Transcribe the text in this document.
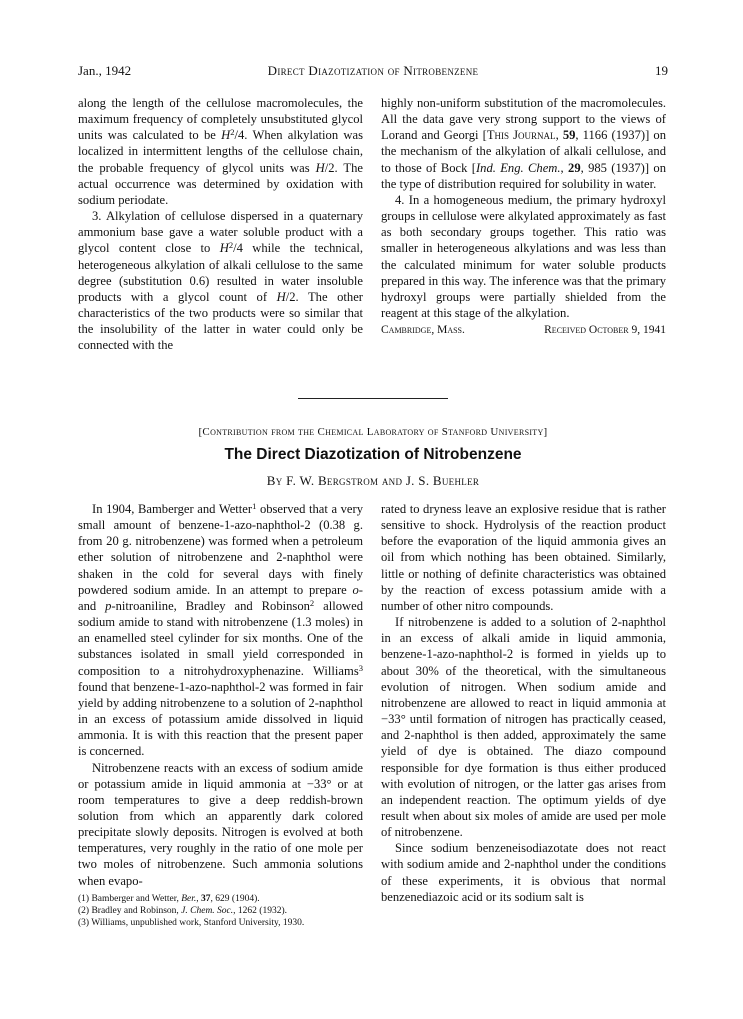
Jan., 1942	Direct Diazotization of Nitrobenzene	19

along the length of the cellulose macromolecules, the maximum frequency of completely unsubstituted glycol units was calculated to be $H^2/4$. When alkylation was localized in intermittent lengths of the cellulose chain, the probable frequency of glycol units was H/2. The actual occurrence was determined by oxidation with sodium periodate.

3. Alkylation of cellulose dispersed in a quaternary ammonium base gave a water soluble product with a glycol content close to $H^2/4$ while the technical, heterogeneous alkylation of alkali cellulose to the same degree (substitution 0.6) resulted in water insoluble products with a glycol count of H/2. The other characteristics of the two products were so similar that the insolubility of the latter in water could only be connected with the

highly non-uniform substitution of the macromolecules. All the data gave very strong support to the views of Lorand and Georgi [This Journal, 59, 1166 (1937)] on the mechanism of the alkylation of alkali cellulose, and to those of Bock [Ind. Eng. Chem., 29, 985 (1937)] on the type of distribution required for solubility in water.

4. In a homogeneous medium, the primary hydroxyl groups in cellulose were alkylated approximately as fast as both secondary groups together. This ratio was smaller in heterogeneous alkylations and was less than the calculated minimum for water soluble products prepared in this way. The inference was that the primary hydroxyl groups were partially shielded from the reagent at this stage of the alkylation.

Cambridge, Mass.	Received October 9, 1941
[Contribution from the Chemical Laboratory of Stanford University]
The Direct Diazotization of Nitrobenzene
By F. W. Bergstrom and J. S. Buehler

In 1904, Bamberger and Wetter$^1$ observed that a very small amount of benzene-1-azo-naphthol-2 (0.38 g. from 20 g. nitrobenzene) was formed when a petroleum ether solution of nitrobenzene and 2-naphthol were shaken in the cold for several days with finely powdered sodium amide. In an attempt to prepare o- and p-nitroaniline, Bradley and Robinson$^2$ allowed sodium amide to stand with nitrobenzene (1.3 moles) in an enamelled steel cylinder for six months. One of the substances isolated in small yield corresponded in composition to a nitrohydroxyphenazine. Williams$^3$ found that benzene-1-azo-naphthol-2 was formed in fair yield by adding nitrobenzene to a solution of 2-naphthol in an excess of potassium amide dissolved in liquid ammonia. It is with this reaction that the present paper is concerned.

Nitrobenzene reacts with an excess of sodium amide or potassium amide in liquid ammonia at −33° or at room temperatures to give a deep reddish-brown solution from which an apparently dark colored precipitate slowly deposits. Nitrogen is evolved at both temperatures, very roughly in the ratio of one mole per two moles of nitrobenzene. Such ammonia solutions when evapo-

(1) Bamberger and Wetter, Ber., 37, 629 (1904).
(2) Bradley and Robinson, J. Chem. Soc., 1262 (1932).
(3) Williams, unpublished work, Stanford University, 1930.

rated to dryness leave an explosive residue that is rather sensitive to shock. Hydrolysis of the reaction product before the evaporation of the liquid ammonia gives an oil from which nothing has been obtained. Similarly, little or nothing of definite characteristics was obtained by the reaction of excess potassium amide with a number of other nitro compounds.

If nitrobenzene is added to a solution of 2-naphthol in an excess of alkali amide in liquid ammonia, benzene-1-azo-naphthol-2 is formed in yields up to about 30% of the theoretical, with the simultaneous evolution of nitrogen. When sodium amide and nitrobenzene are allowed to react in liquid ammonia at −33° until formation of nitrogen has practically ceased, and 2-naphthol is then added, approximately the same yield of dye is obtained. The diazo compound responsible for dye formation is thus either produced with evolution of nitrogen, or the latter gas arises from an independent reaction. The optimum yields of dye result when about six moles of amide are used per mole of nitrobenzene.

Since sodium benzeneisodiazotate does not react with sodium amide and 2-naphthol under the conditions of these experiments, it is obvious that normal benzenediazoic acid or its sodium salt is
